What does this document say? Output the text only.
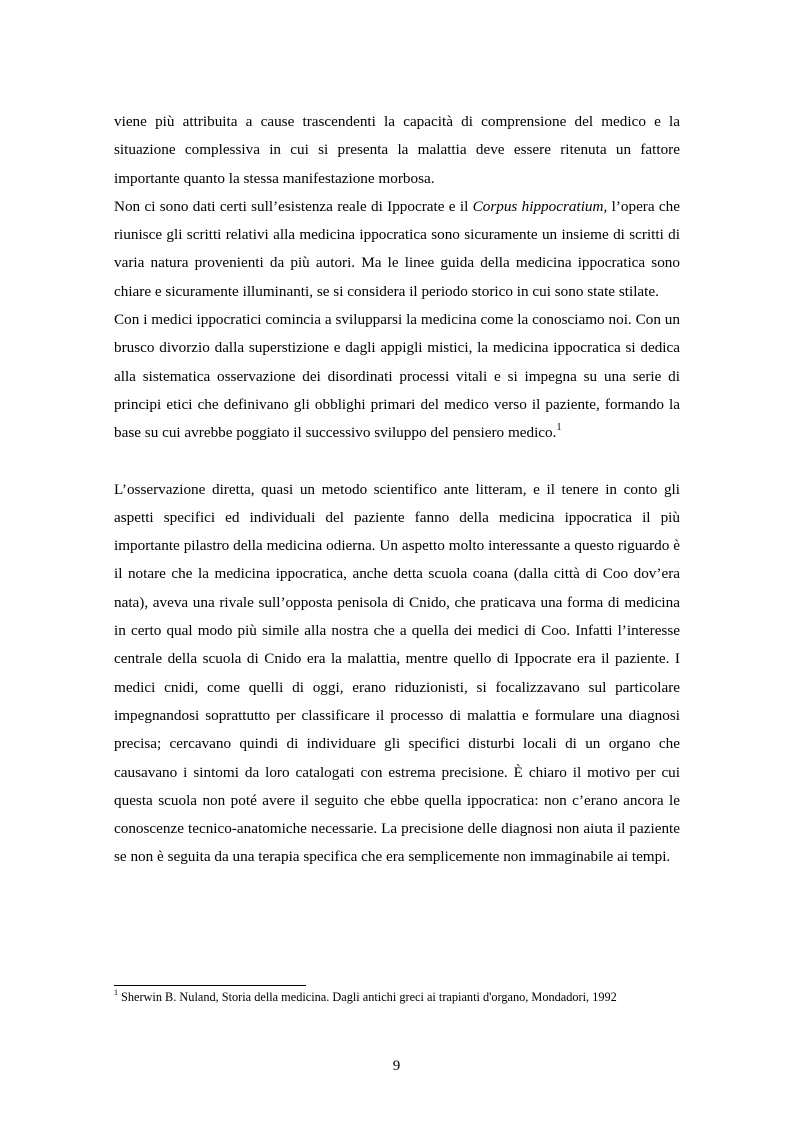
viene più attribuita a cause trascendenti la capacità di comprensione del medico e la situazione complessiva in cui si presenta la malattia deve essere ritenuta un fattore importante quanto la stessa manifestazione morbosa.

Non ci sono dati certi sull’esistenza reale di Ippocrate e il Corpus hippocratium, l’opera che riunisce gli scritti relativi alla medicina ippocratica sono sicuramente un insieme di scritti di varia natura provenienti da più autori. Ma le linee guida della medicina ippocratica sono chiare e sicuramente illuminanti, se si considera il periodo storico in cui sono state stilate.

Con i medici ippocratici comincia a svilupparsi la medicina come la conosciamo noi. Con un brusco divorzio dalla superstizione e dagli appigli mistici, la medicina ippocratica si dedica alla sistematica osservazione dei disordinati processi vitali e si impegna su una serie di principi etici che definivano gli obblighi primari del medico verso il paziente, formando la base su cui avrebbe poggiato il successivo sviluppo del pensiero medico.$^1$

L’osservazione diretta, quasi un metodo scientifico ante litteram, e il tenere in conto gli aspetti specifici ed individuali del paziente fanno della medicina ippocratica il più importante pilastro della medicina odierna. Un aspetto molto interessante a questo riguardo è il notare che la medicina ippocratica, anche detta scuola coana (dalla città di Coo dov’era nata), aveva una rivale sull’opposta penisola di Cnido, che praticava una forma di medicina in certo qual modo più simile alla nostra che a quella dei medici di Coo. Infatti l’interesse centrale della scuola di Cnido era la malattia, mentre quello di Ippocrate era il paziente. I medici cnidi, come quelli di oggi, erano riduzionisti, si focalizzavano sul particolare impegnandosi soprattutto per classificare il processo di malattia e formulare una diagnosi precisa; cercavano quindi di individuare gli specifici disturbi locali di un organo che causavano i sintomi da loro catalogati con estrema precisione. È chiaro il motivo per cui questa scuola non poté avere il seguito che ebbe quella ippocratica: non c’erano ancora le conoscenze tecnico-anatomiche necessarie. La precisione delle diagnosi non aiuta il paziente se non è seguita da una terapia specifica che era semplicemente non immaginabile ai tempi.

$^1$ Sherwin B. Nuland, Storia della medicina. Dagli antichi greci ai trapianti d'organo, Mondadori, 1992

9
